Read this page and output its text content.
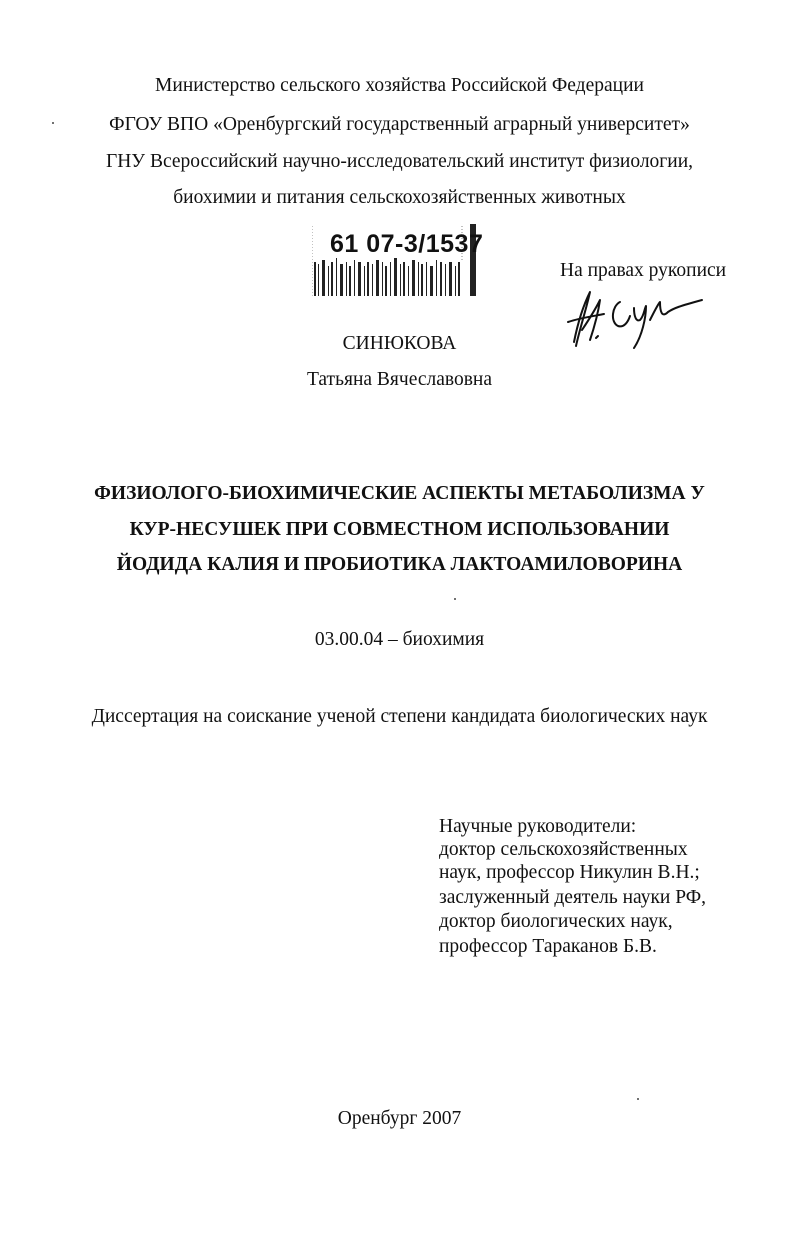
Министерство сельского хозяйства Российской Федерации
ФГОУ ВПО «Оренбургский государственный аграрный университет»
ГНУ Всероссийский научно-исследовательский институт физиологии,
биохимии и питания сельскохозяйственных животных
61 07-3/1537
На правах рукописи
СИНЮКОВА
Татьяна Вячеславовна
ФИЗИОЛОГО-БИОХИМИЧЕСКИЕ АСПЕКТЫ МЕТАБОЛИЗМА У
КУР-НЕСУШЕК ПРИ СОВМЕСТНОМ ИСПОЛЬЗОВАНИИ
ЙОДИДА КАЛИЯ И ПРОБИОТИКА ЛАКТОАМИЛОВОРИНА
03.00.04 – биохимия
Диссертация на соискание ученой степени кандидата биологических наук
Научные руководители:
доктор сельскохозяйственных
наук, профессор Никулин В.Н.;
заслуженный деятель науки РФ,
доктор биологических наук,
профессор Тараканов Б.В.
Оренбург 2007
